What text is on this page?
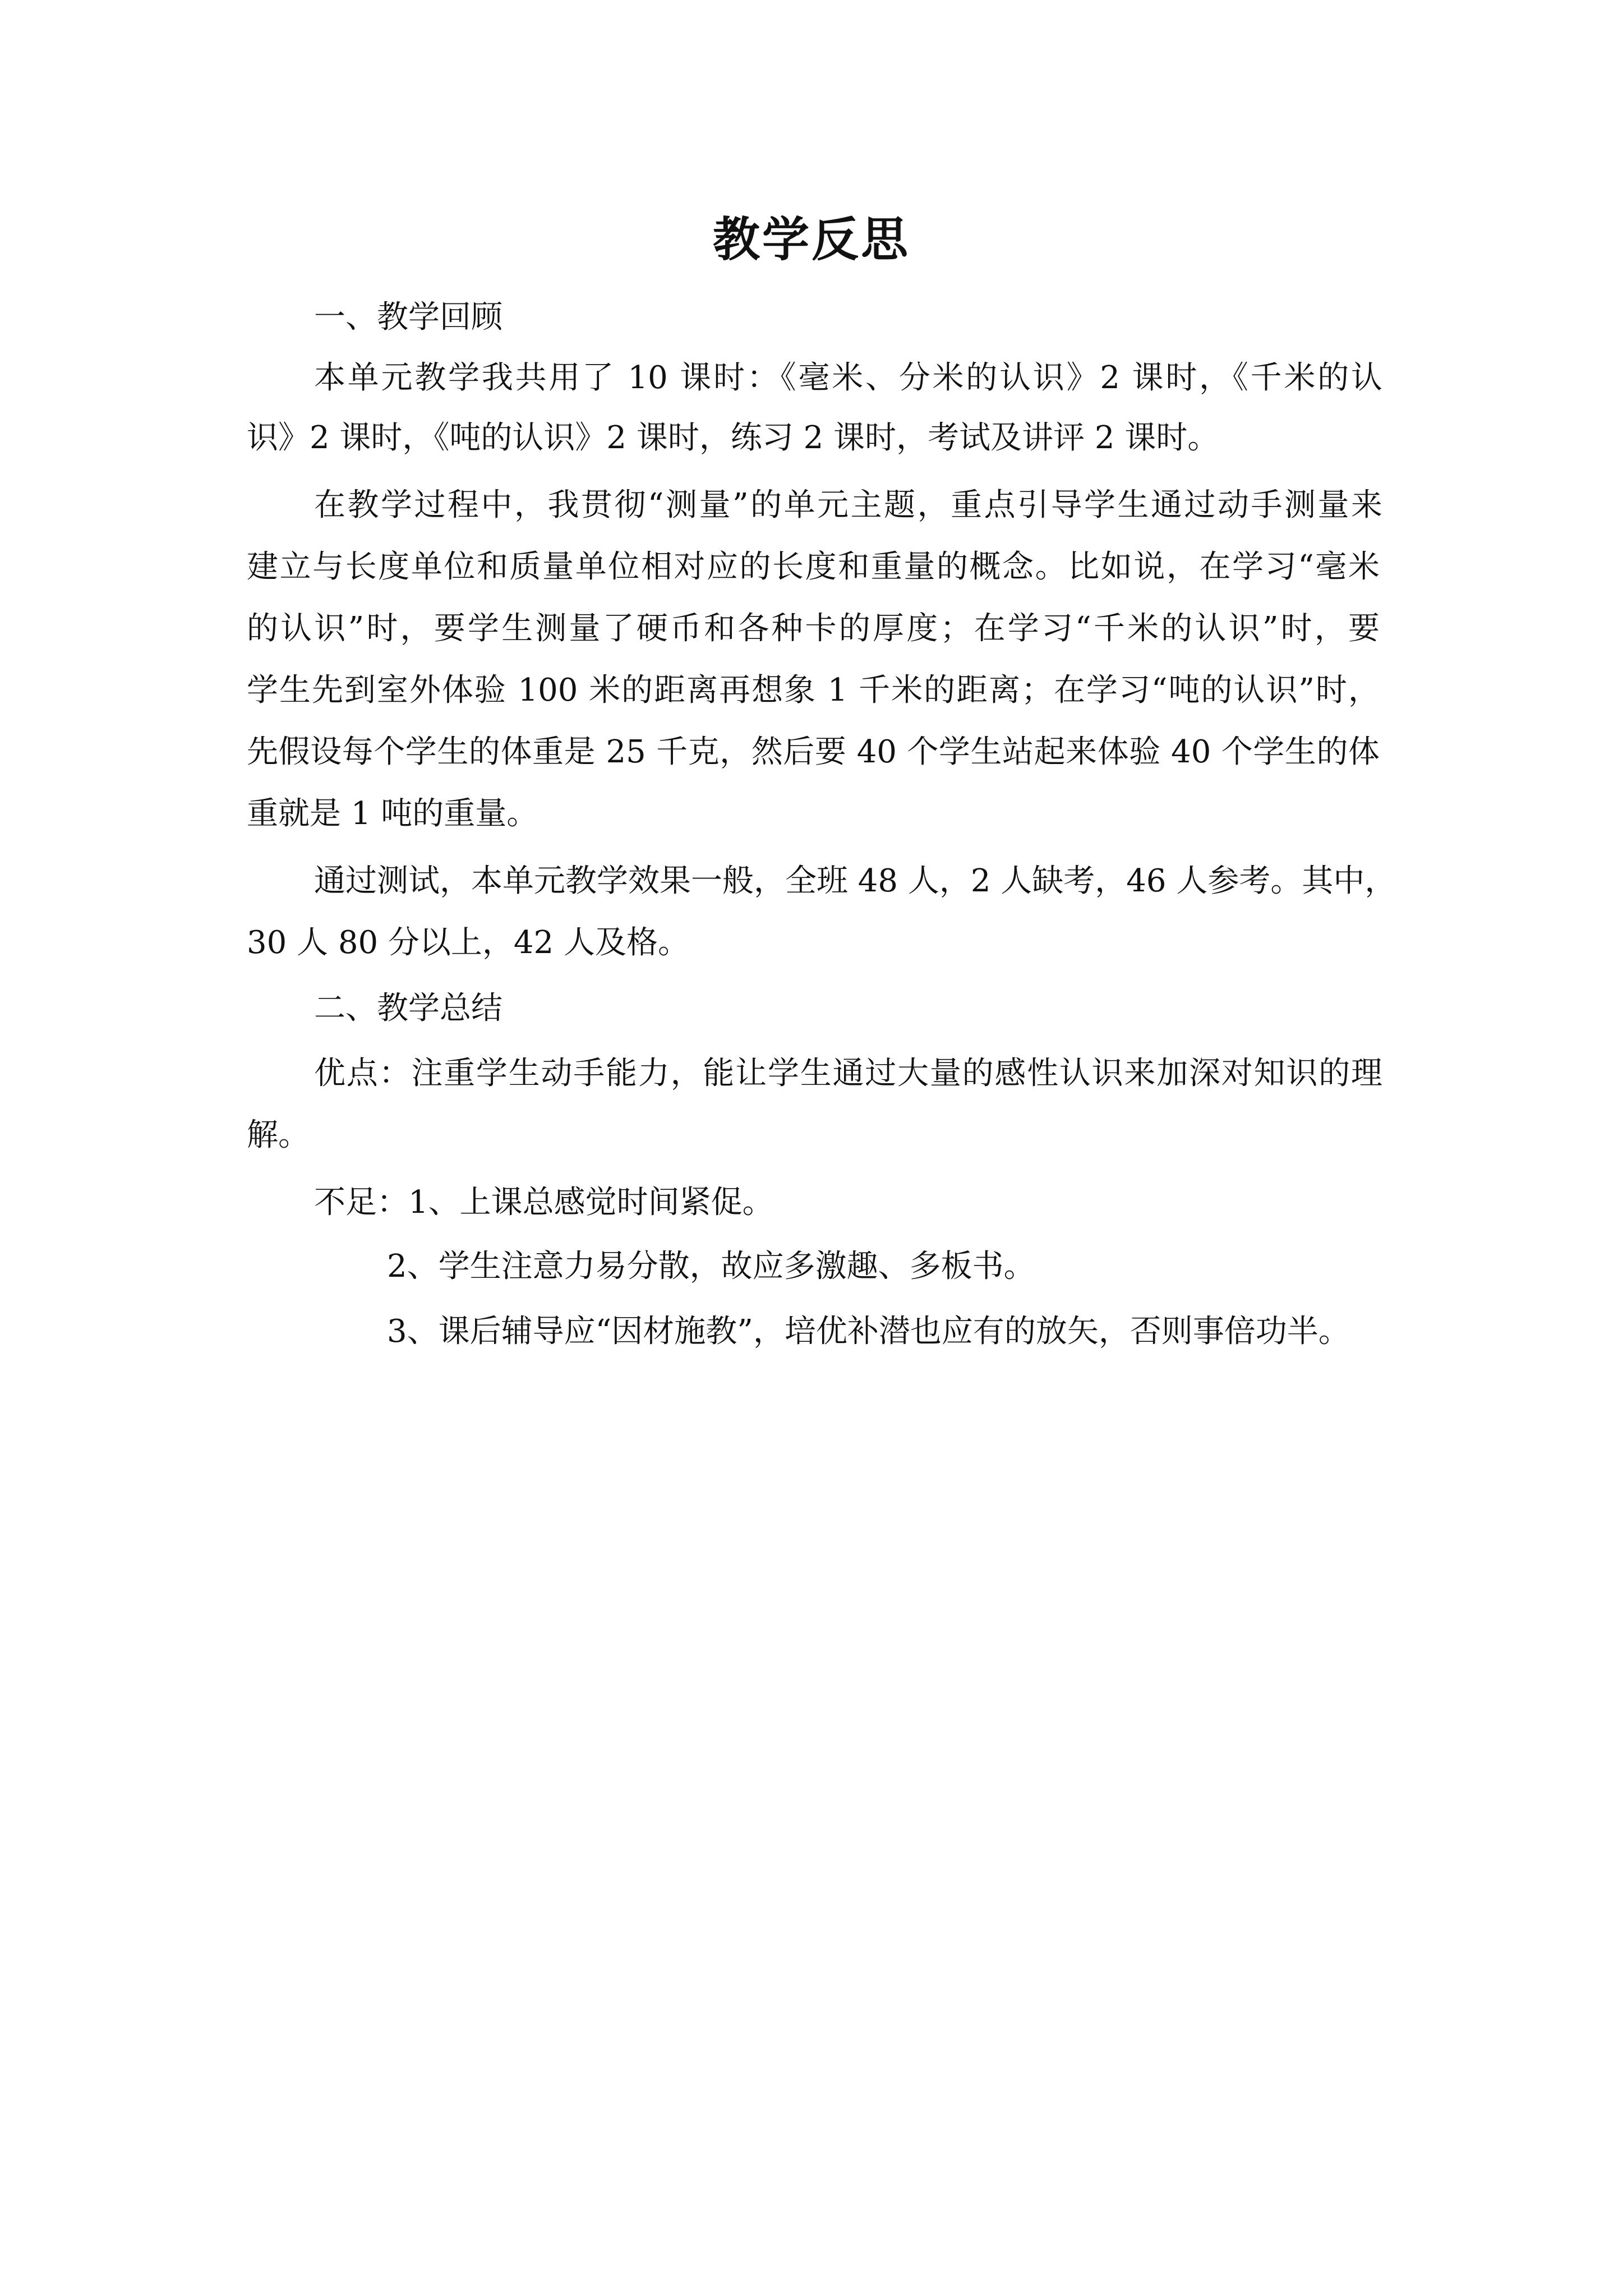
教学反思
一、教学回顾
本单元教学我共用了 10 课时：《毫米、分米的认识》2 课时，《千米的认
识》2 课时，《吨的认识》2 课时，练习 2 课时，考试及讲评 2 课时。
在教学过程中，我贯彻“测量”的单元主题，重点引导学生通过动手测量来
建立与长度单位和质量单位相对应的长度和重量的概念。比如说，在学习“毫米
的认识”时，要学生测量了硬币和各种卡的厚度；在学习“千米的认识”时，要
学生先到室外体验 100 米的距离再想象 1 千米的距离；在学习“吨的认识”时，
先假设每个学生的体重是 25 千克，然后要 40 个学生站起来体验 40 个学生的体
重就是 1 吨的重量。
通过测试，本单元教学效果一般，全班 48 人，2 人缺考，46 人参考。其中，
30 人 80 分以上，42 人及格。
二、教学总结
优点：注重学生动手能力，能让学生通过大量的感性认识来加深对知识的理
解。
不足：1、上课总感觉时间紧促。
2、学生注意力易分散，故应多激趣、多板书。
3、课后辅导应“因材施教”，培优补潜也应有的放矢，否则事倍功半。
